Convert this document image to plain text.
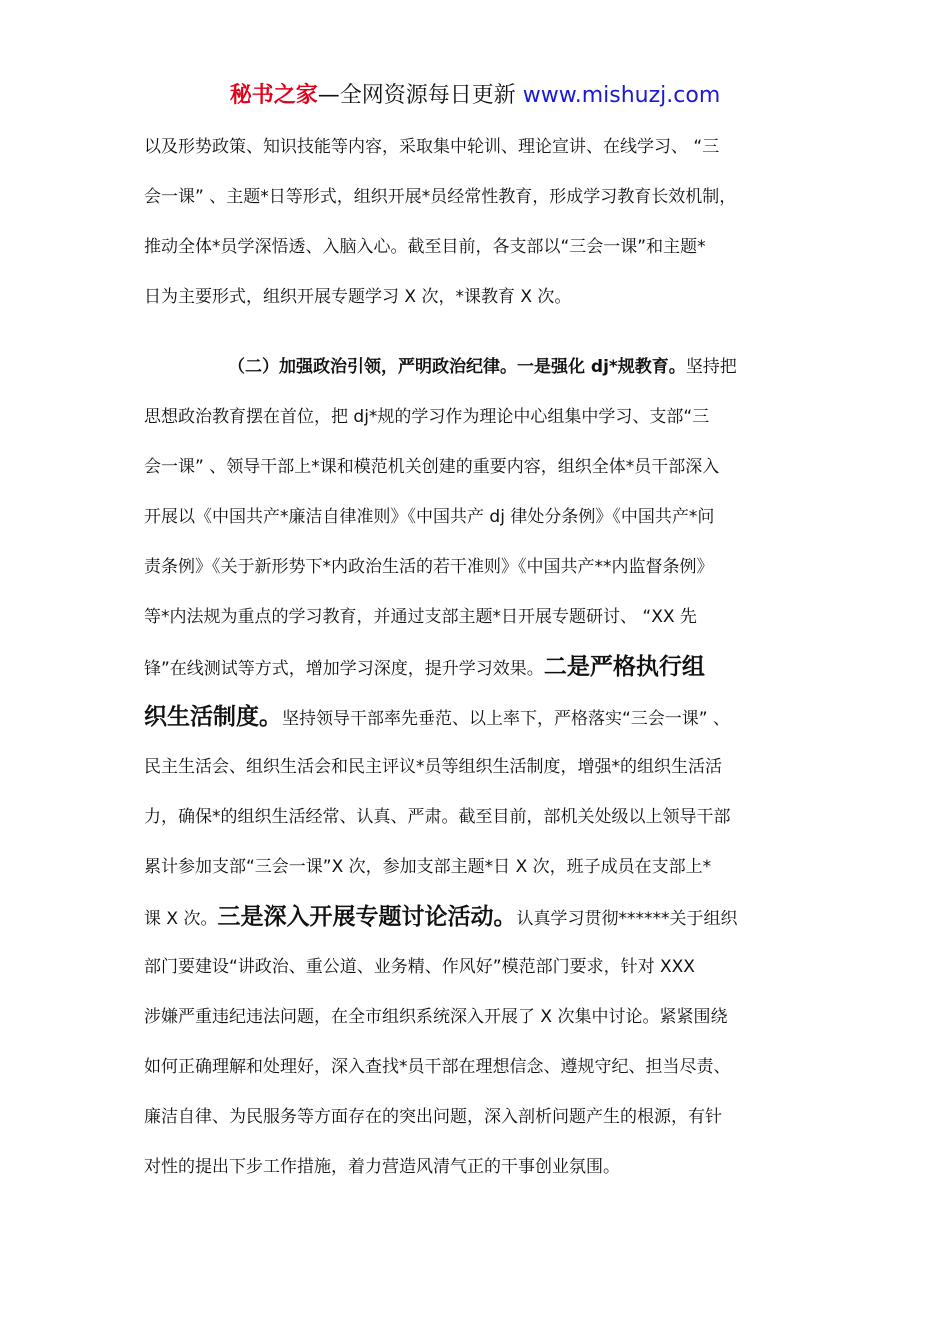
秘书之家—全网资源每日更新 www.mishuzj.com
以及形势政策、知识技能等内容，采取集中轮训、理论宣讲、在线学习、 “三
会一课” 、主题*日等形式，组织开展*员经常性教育，形成学习教育长效机制，
推动全体*员学深悟透、入脑入心。截至目前，各支部以“三会一课”和主题*
日为主要形式，组织开展专题学习 X 次，*课教育 X 次。
（二）加强政治引领，严明政治纪律。一是强化 dj*规教育。坚持把
思想政治教育摆在首位，把 dj*规的学习作为理论中心组集中学习、支部“三
会一课” 、领导干部上*课和模范机关创建的重要内容，组织全体*员干部深入
开展以《中国共产*廉洁自律准则》《中国共产 dj 律处分条例》《中国共产*问
责条例》《关于新形势下*内政治生活的若干准则》《中国共产**内监督条例》
等*内法规为重点的学习教育，并通过支部主题*日开展专题研讨、 “XX 先
锋”在线测试等方式，增加学习深度，提升学习效果。二是严格执行组
织生活制度。坚持领导干部率先垂范、以上率下，严格落实“三会一课” 、
民主生活会、组织生活会和民主评议*员等组织生活制度，增强*的组织生活活
力，确保*的组织生活经常、认真、严肃。截至目前，部机关处级以上领导干部
累计参加支部“三会一课”X 次，参加支部主题*日 X 次，班子成员在支部上*
课 X 次。三是深入开展专题讨论活动。认真学习贯彻******关于组织
部门要建设“讲政治、重公道、业务精、作风好”模范部门要求，针对 XXX
涉嫌严重违纪违法问题，在全市组织系统深入开展了 X 次集中讨论。紧紧围绕
如何正确理解和处理好，深入查找*员干部在理想信念、遵规守纪、担当尽责、
廉洁自律、为民服务等方面存在的突出问题，深入剖析问题产生的根源，有针
对性的提出下步工作措施，着力营造风清气正的干事创业氛围。
